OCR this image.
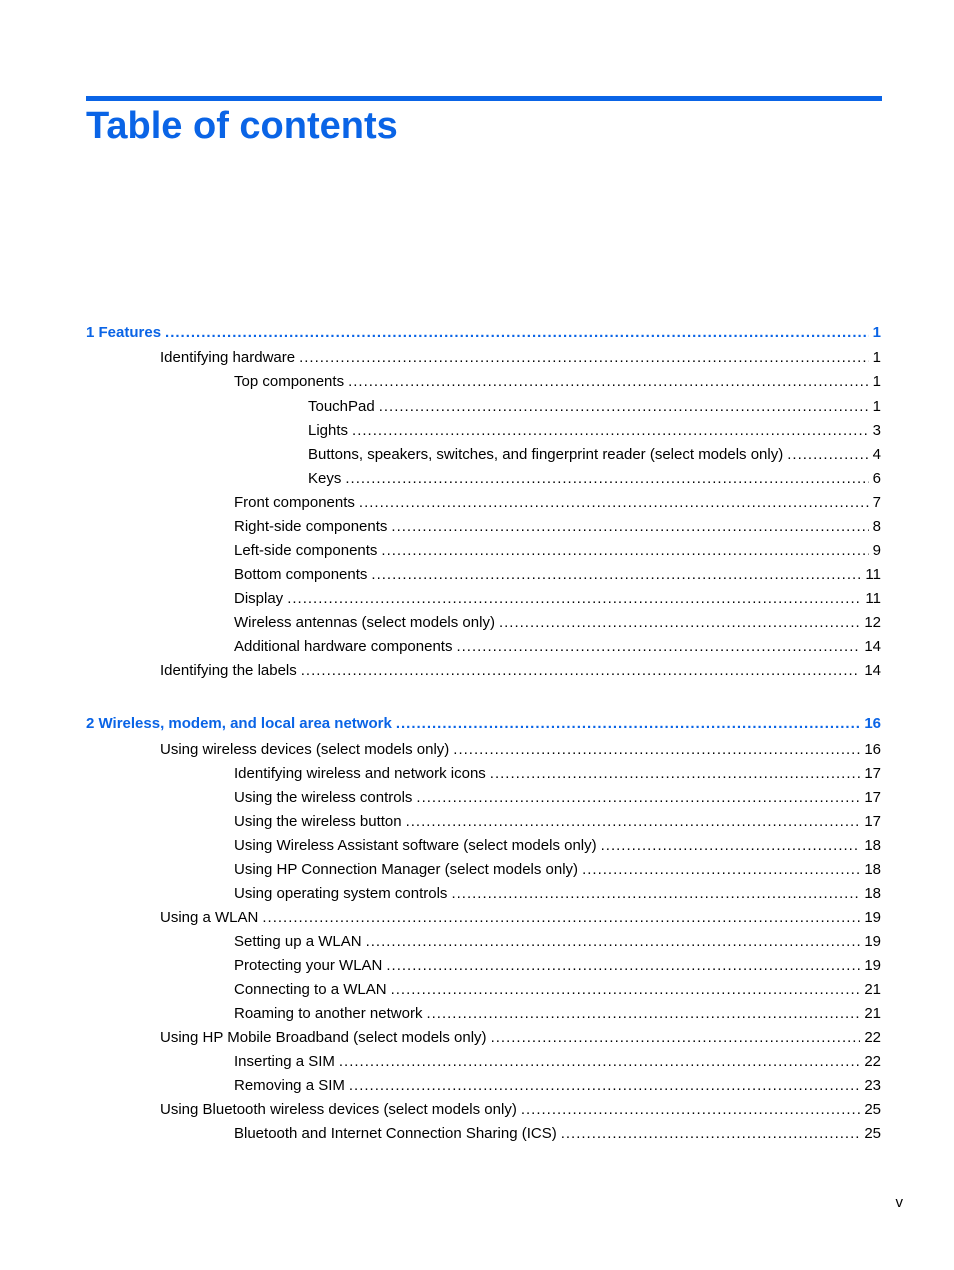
Table of contents
1 Features .....	1
Identifying hardware .....	1
Top components .....	1
TouchPad .....	1
Lights .....	3
Buttons, speakers, switches, and fingerprint reader (select models only) .....	4
Keys .....	6
Front components .....	7
Right-side components .....	8
Left-side components .....	9
Bottom components .....	11
Display .....	11
Wireless antennas (select models only) .....	12
Additional hardware components .....	14
Identifying the labels .....	14
2 Wireless, modem, and local area network .....	16
Using wireless devices (select models only) .....	16
Identifying wireless and network icons .....	17
Using the wireless controls .....	17
Using the wireless button .....	17
Using Wireless Assistant software (select models only) .....	18
Using HP Connection Manager (select models only) .....	18
Using operating system controls .....	18
Using a WLAN .....	19
Setting up a WLAN .....	19
Protecting your WLAN .....	19
Connecting to a WLAN .....	21
Roaming to another network .....	21
Using HP Mobile Broadband (select models only) .....	22
Inserting a SIM .....	22
Removing a SIM .....	23
Using Bluetooth wireless devices (select models only) .....	25
Bluetooth and Internet Connection Sharing (ICS) .....	25
v
